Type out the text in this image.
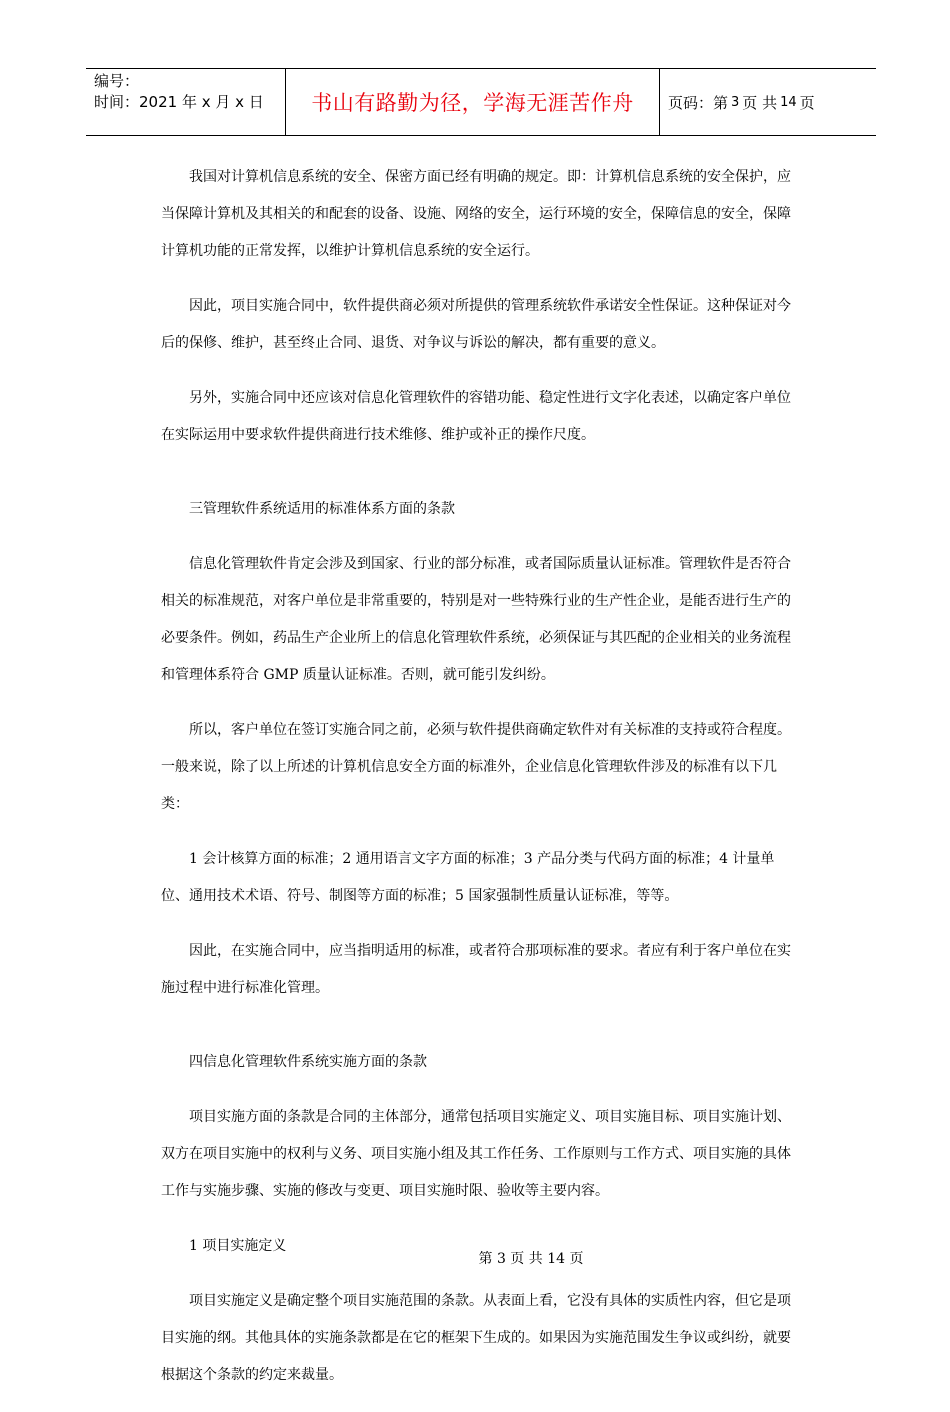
编号：
时间：2021 年 x 月 x 日	书山有路勤为径，学海无涯苦作舟	页码：第 3 页 共 14 页

我国对计算机信息系统的安全、保密方面已经有明确的规定。即：计算机信息系统的安全保护，应当保障计算机及其相关的和配套的设备、设施、网络的安全，运行环境的安全，保障信息的安全，保障计算机功能的正常发挥，以维护计算机信息系统的安全运行。

因此，项目实施合同中，软件提供商必须对所提供的管理系统软件承诺安全性保证。这种保证对今后的保修、维护，甚至终止合同、退货、对争议与诉讼的解决，都有重要的意义。

另外，实施合同中还应该对信息化管理软件的容错功能、稳定性进行文字化表述，以确定客户单位在实际运用中要求软件提供商进行技术维修、维护或补正的操作尺度。

三管理软件系统适用的标准体系方面的条款

信息化管理软件肯定会涉及到国家、行业的部分标准，或者国际质量认证标准。管理软件是否符合相关的标准规范，对客户单位是非常重要的，特别是对一些特殊行业的生产性企业，是能否进行生产的必要条件。例如，药品生产企业所上的信息化管理软件系统，必须保证与其匹配的企业相关的业务流程和管理体系符合 GMP 质量认证标准。否则，就可能引发纠纷。

所以，客户单位在签订实施合同之前，必须与软件提供商确定软件对有关标准的支持或符合程度。一般来说，除了以上所述的计算机信息安全方面的标准外，企业信息化管理软件涉及的标准有以下几类：

1 会计核算方面的标准；2 通用语言文字方面的标准；3 产品分类与代码方面的标准；4 计量单位、通用技术术语、符号、制图等方面的标准；5 国家强制性质量认证标准，等等。

因此，在实施合同中，应当指明适用的标准，或者符合那项标准的要求。者应有利于客户单位在实施过程中进行标准化管理。

四信息化管理软件系统实施方面的条款

项目实施方面的条款是合同的主体部分，通常包括项目实施定义、项目实施目标、项目实施计划、双方在项目实施中的权利与义务、项目实施小组及其工作任务、工作原则与工作方式、项目实施的具体工作与实施步骤、实施的修改与变更、项目实施时限、验收等主要内容。

1 项目实施定义

项目实施定义是确定整个项目实施范围的条款。从表面上看，它没有具体的实质性内容，但它是项目实施的纲。其他具体的实施条款都是在它的框架下生成的。如果因为实施范围发生争议或纠纷，就要根据这个条款的约定来裁量。

第 3 页 共 14 页
